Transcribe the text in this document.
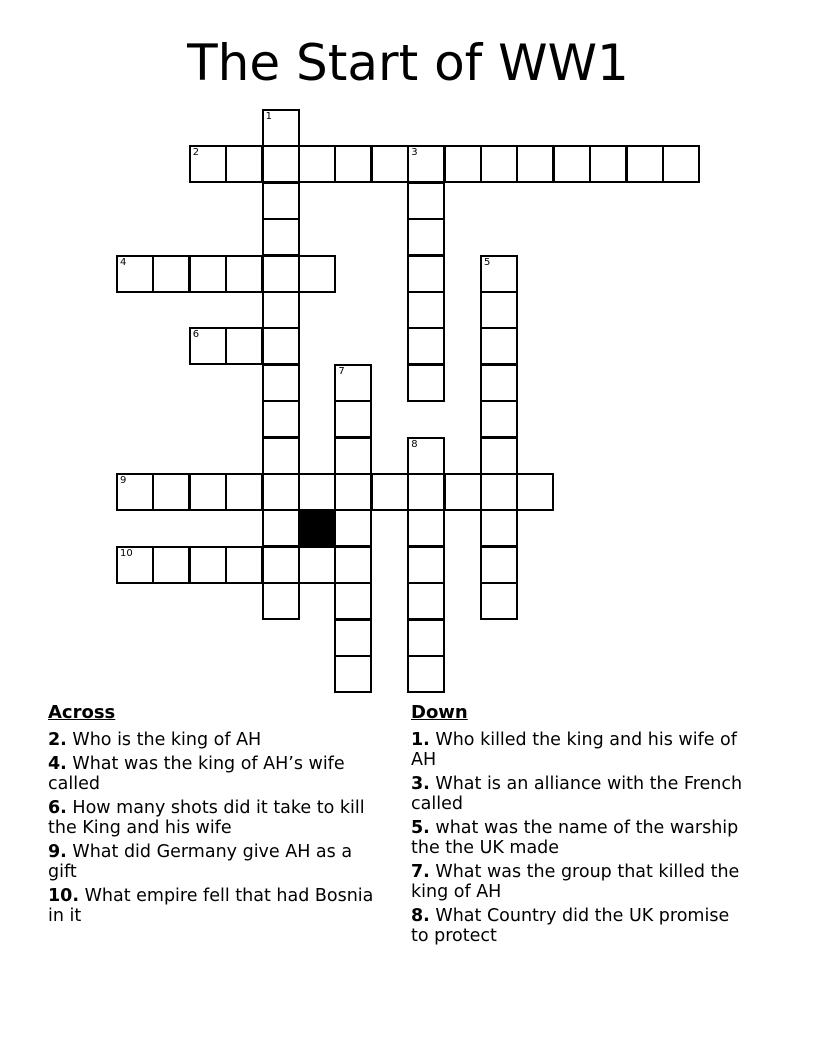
The Start of WW1
1
2	3
4	5
6
7
8
9
10
Across
2. Who is the king of AH
4. What was the king of AH’s wife called
6. How many shots did it take to kill the King and his wife
9. What did Germany give AH as a gift
10. What empire fell that had Bosnia in it
Down
1. Who killed the king and his wife of AH
3. What is an alliance with the French called
5. what was the name of the warship the the UK made
7. What was the group that killed the king of AH
8. What Country did the UK promise to protect
